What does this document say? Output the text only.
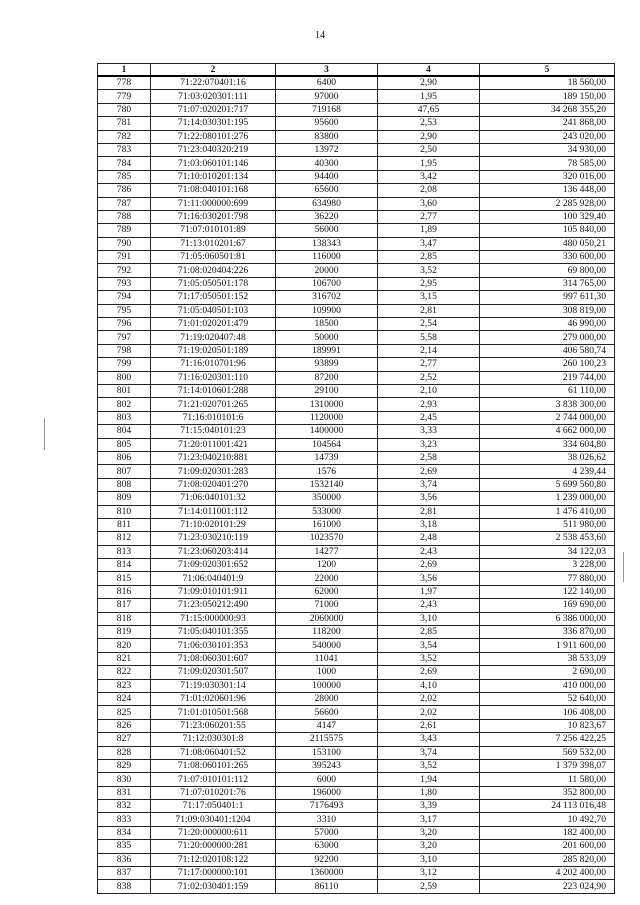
14
1	2	3	4	5
778	71:22:070401:16	6400	2,90	18 560,00
779	71:03:020301:111	97000	1,95	189 150,00
780	71:07:020201:717	719168	47,65	34 268 355,20
781	71:14:030301:195	95600	2,53	241 868,00
782	71:22:080101:276	83800	2,90	243 020,00
783	71:23:040320:219	13972	2,50	34 930,00
784	71:03:060101:146	40300	1,95	78 585,00
785	71:10:010201:134	94400	3,42	320 016,00
786	71:08:040101:168	65600	2,08	136 448,00
787	71:11:000000:699	634980	3,60	2 285 928,00
788	71:16:030201:798	36220	2,77	100 329,40
789	71:07:010101:89	56000	1,89	105 840,00
790	71:13:010201:67	138343	3,47	480 050,21
791	71:05:060501:81	116000	2,85	330 600,00
792	71:08:020404:226	20000	3,52	69 800,00
793	71:05:050501:178	106700	2,95	314 765,00
794	71:17:050501:152	316702	3,15	997 611,30
795	71:05:040501:103	109900	2,81	308 819,00
796	71:01:020201:479	18500	2,54	46 990,00
797	71:19:020407:48	50000	5,58	279 000,00
798	71:19:020501:189	189991	2,14	406 580,74
799	71:16:010701:96	93899	2,77	260 100,23
800	71:16:020301:110	87200	2,52	219 744,00
801	71:14:010601:288	29100	2,10	61 110,00
802	71:21:020701:265	1310000	2,93	3 838 300,00
803	71:16:010101:6	1120000	2,45	2 744 000,00
804	71:15:040101:23	1400000	3,33	4 662 000,00
805	71:20:011001:421	104564	3,23	334 604,80
806	71:23:040210:881	14739	2,58	38 026,62
807	71:09:020301:283	1576	2,69	4 239,44
808	71:08:020401:270	1532140	3,74	5 699 560,80
809	71:06:040101:32	350000	3,56	1 239 000,00
810	71:14:011001:112	533000	2,81	1 476 410,00
811	71:10:020101:29	161000	3,18	511 980,00
812	71:23:030210:119	1023570	2,48	2 538 453,60
813	71:23:060203:414	14277	2,43	34 122,03
814	71:09:020301:652	1200	2,69	3 228,00
815	71:06:040401:9	22000	3,56	77 880,00
816	71:09:010101:911	62000	1,97	122 140,00
817	71:23:050212:490	71000	2,43	169 690,00
818	71:15:000000:93	2060000	3,10	6 386 000,00
819	71:05:040101:355	118200	2,85	336 870,00
820	71:06:030101:353	540000	3,54	1 911 600,00
821	71:08:060301:607	11041	3,52	38 533,09
822	71:09:020301:507	1000	2,69	2 690,00
823	71:19:030301:14	100000	4,10	410 000,00
824	71:01:020601:96	28000	2,02	52 640,00
825	71:01:010501:568	56600	2,02	106 408,00
826	71:23:060201:55	4147	2,61	10 823,67
827	71:12:030301:8	2115575	3,43	7 256 422,25
828	71:08:060401:52	153100	3,74	569 532,00
829	71:08:060101:265	395243	3,52	1 379 398,07
830	71:07:010101:112	6000	1,94	11 580,00
831	71:07:010201:76	196000	1,80	352 800,00
832	71:17:050401:1	7176493	3,39	24 113 016,48
833	71:09:030401:1204	3310	3,17	10 492,70
834	71:20:000000:611	57000	3,20	182 400,00
835	71:20:000000:281	63000	3,20	201 600,00
836	71:12:020108:122	92200	3,10	285 820,00
837	71:17:000000:101	1360000	3,12	4 202 400,00
838	71:02:030401:159	86110	2,59	223 024,90
